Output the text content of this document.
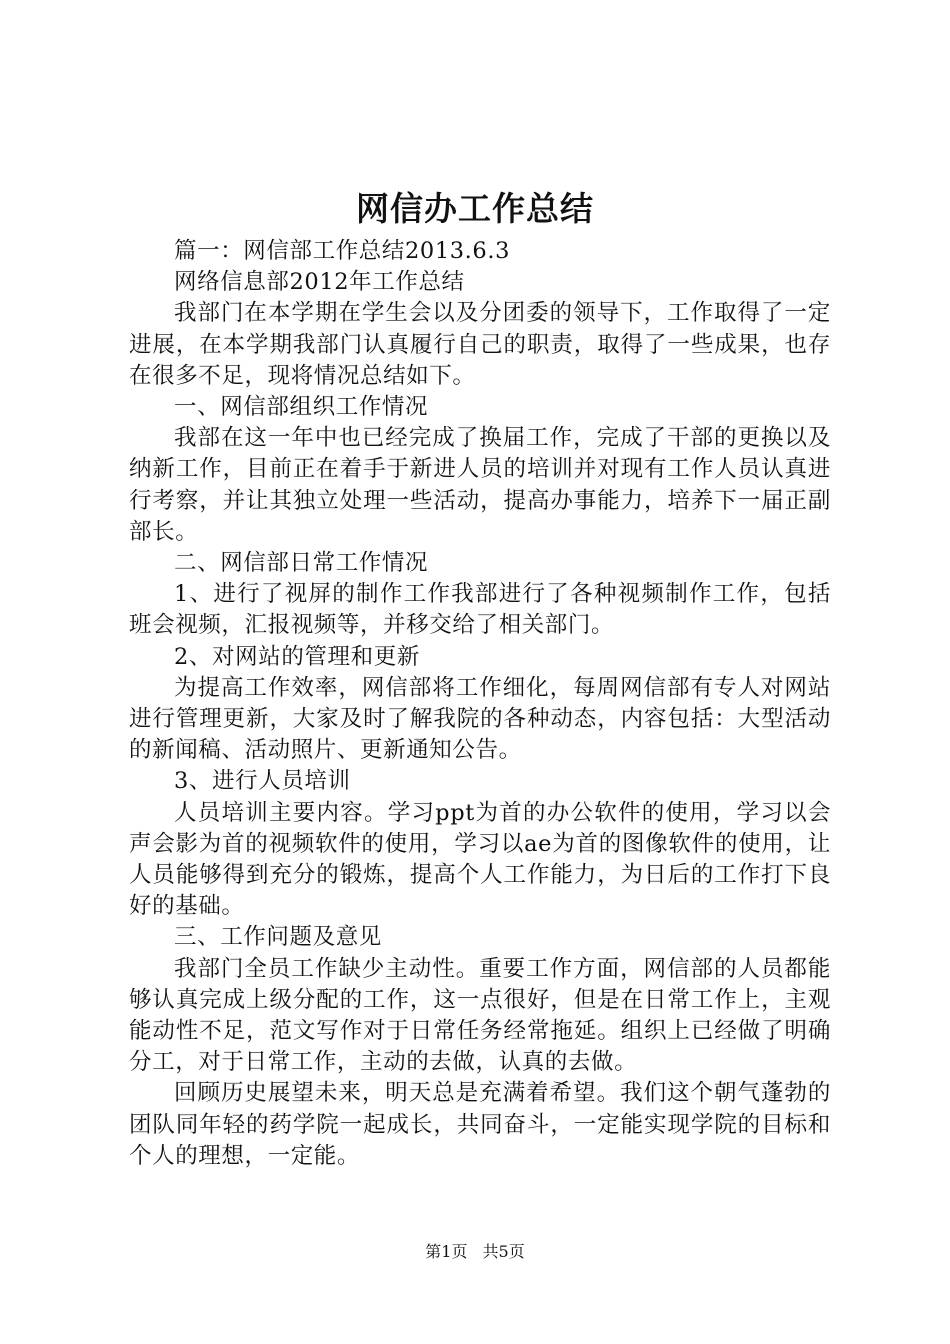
网信办工作总结

篇一：网信部工作总结2013.6.3

网络信息部2012年工作总结

我部门在本学期在学生会以及分团委的领导下，工作取得了一定进展，在本学期我部门认真履行自己的职责，取得了一些成果，也存在很多不足，现将情况总结如下。

一、网信部组织工作情况

我部在这一年中也已经完成了换届工作，完成了干部的更换以及纳新工作，目前正在着手于新进人员的培训并对现有工作人员认真进行考察，并让其独立处理一些活动，提高办事能力，培养下一届正副部长。

二、网信部日常工作情况

1、进行了视屏的制作工作我部进行了各种视频制作工作，包括班会视频，汇报视频等，并移交给了相关部门。

2、对网站的管理和更新

为提高工作效率，网信部将工作细化，每周网信部有专人对网站进行管理更新，大家及时了解我院的各种动态，内容包括：大型活动的新闻稿、活动照片、更新通知公告。

3、进行人员培训

人员培训主要内容。学习ppt为首的办公软件的使用，学习以会声会影为首的视频软件的使用，学习以ae为首的图像软件的使用，让人员能够得到充分的锻炼，提高个人工作能力，为日后的工作打下良好的基础。

三、工作问题及意见

我部门全员工作缺少主动性。重要工作方面，网信部的人员都能够认真完成上级分配的工作，这一点很好，但是在日常工作上，主观能动性不足，范文写作对于日常任务经常拖延。组织上已经做了明确分工，对于日常工作，主动的去做，认真的去做。

回顾历史展望未来，明天总是充满着希望。我们这个朝气蓬勃的团队同年轻的药学院一起成长，共同奋斗，一定能实现学院的目标和个人的理想，一定能。

第1页 共5页
